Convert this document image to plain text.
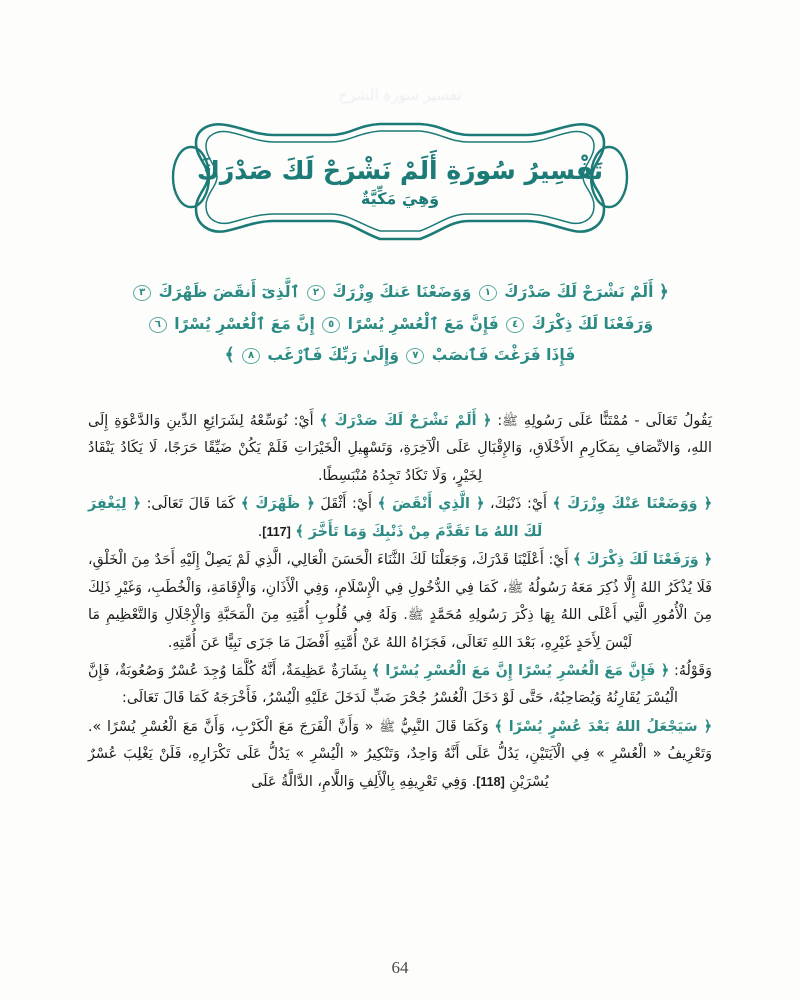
تفسير سورة الشرح
تَفْسِيرُ سُورَةِ أَلَمْ نَشْرَحْ لَكَ صَدْرَكَ
وَهِيَ مَكِّيَّةٌ
﴿ أَلَمْ نَشْرَحْ لَكَ صَدْرَكَ ١ وَوَضَعْنَا عَنكَ وِزْرَكَ ٢ ٱلَّذِىٓ أَنقَضَ ظَهْرَكَ ٣
وَرَفَعْنَا لَكَ ذِكْرَكَ ٤ فَإِنَّ مَعَ ٱلْعُسْرِ يُسْرًا ٥ إِنَّ مَعَ ٱلْعُسْرِ يُسْرًا ٦
فَإِذَا فَرَغْتَ فَٱنصَبْ ٧ وَإِلَىٰ رَبِّكَ فَٱرْغَب ٨ ﴾

يَقُولُ تَعَالَى - مُمْتَنًّا عَلَى رَسُولِهِ ﷺ: ﴿ أَلَمْ نَشْرَحْ لَكَ صَدْرَكَ ﴾ أَيْ: نُوَسِّعْهُ لِشَرَائِعِ الدِّينِ وَالدَّعْوَةِ إِلَى اللهِ، وَالاتِّصَافِ بِمَكَارِمِ الأَخْلَاقِ، وَالإِقْبَالِ عَلَى الْآخِرَةِ، وَتَسْهِيلِ الْخَيْرَاتِ فَلَمْ يَكُنْ ضَيِّقًا حَرَجًا، لَا يَكَادُ يَنْقَادُ لِخَيْرٍ، وَلَا تَكَادُ تَجِدُهُ مُنْبَسِطًا.

﴿ وَوَضَعْنَا عَنْكَ وِزْرَكَ ﴾ أَيْ: ذَنْبَكَ، ﴿ الَّذِي أَنْقَضَ ﴾ أَيْ: أَثْقَلَ ﴿ ظَهْرَكَ ﴾ كَمَا قَالَ تَعَالَى: ﴿ لِيَغْفِرَ لَكَ اللهُ مَا تَقَدَّمَ مِنْ ذَنْبِكَ وَمَا تَأَخَّرَ ﴾ [117].

﴿ وَرَفَعْنَا لَكَ ذِكْرَكَ ﴾ أَيْ: أَعْلَيْنَا قَدْرَكَ، وَجَعَلْنَا لَكَ الثَّنَاءَ الْحَسَنَ الْعَالِي، الَّذِي لَمْ يَصِلْ إِلَيْهِ أَحَدٌ مِنَ الْخَلْقِ، فَلَا يُذْكَرُ اللهُ إِلَّا ذُكِرَ مَعَهُ رَسُولُهُ ﷺ، كَمَا فِي الدُّخُولِ فِي الْإِسْلَامِ، وَفِي الْأَذَانِ، وَالْإِقَامَةِ، وَالْخُطَبِ، وَغَيْرِ ذَلِكَ مِنَ الْأُمُورِ الَّتِي أَعْلَى اللهُ بِهَا ذِكْرَ رَسُولِهِ مُحَمَّدٍ ﷺ. وَلَهُ فِي قُلُوبِ أُمَّتِهِ مِنَ الْمَحَبَّةِ وَالْإِجْلَالِ وَالتَّعْظِيمِ مَا لَيْسَ لِأَحَدٍ غَيْرِهِ، بَعْدَ اللهِ تَعَالَى، فَجَزَاهُ اللهُ عَنْ أُمَّتِهِ أَفْضَلَ مَا جَزَى نَبِيًّا عَنَ أُمَّتِهِ.

وَقَوْلُهُ: ﴿ فَإِنَّ مَعَ الْعُسْرِ يُسْرًا إِنَّ مَعَ الْعُسْرِ يُسْرًا ﴾ بِشَارَةٌ عَظِيمَةٌ، أَنَّهُ كُلَّمَا وُجِدَ عُسْرٌ وَصُعُوبَةٌ، فَإِنَّ الْيُسْرَ يُقَارِنُهُ وَيُصَاحِبُهُ، حَتَّى لَوْ دَخَلَ الْعُسْرُ جُحْرَ ضَبٍّ لَدَخَلَ عَلَيْهِ الْيُسْرُ، فَأَخْرَجَهُ كَمَا قَالَ تَعَالَى:

﴿ سَيَجْعَلُ اللهُ بَعْدَ عُسْرٍ يُسْرًا ﴾ وَكَمَا قَالَ النَّبِيُّ ﷺ « وَأَنَّ الْفَرَجَ مَعَ الْكَرْبِ، وَأَنَّ مَعَ الْعُسْرِ يُسْرًا ». وَتَعْرِيفُ « الْعُسْرِ » فِي الْآيَتَيْنِ، يَدُلُّ عَلَى أَنَّهُ وَاحِدٌ، وَتَنْكِيرُ « الْيُسْرِ » يَدُلُّ عَلَى تَكْرَارِهِ، فَلَنْ يَغْلِبَ عُسْرٌ يُسْرَيْنِ [118]. وَفِي تَعْرِيفِهِ بِالْأَلِفِ وَاللَّامِ، الدَّالَّةُ عَلَى

64
